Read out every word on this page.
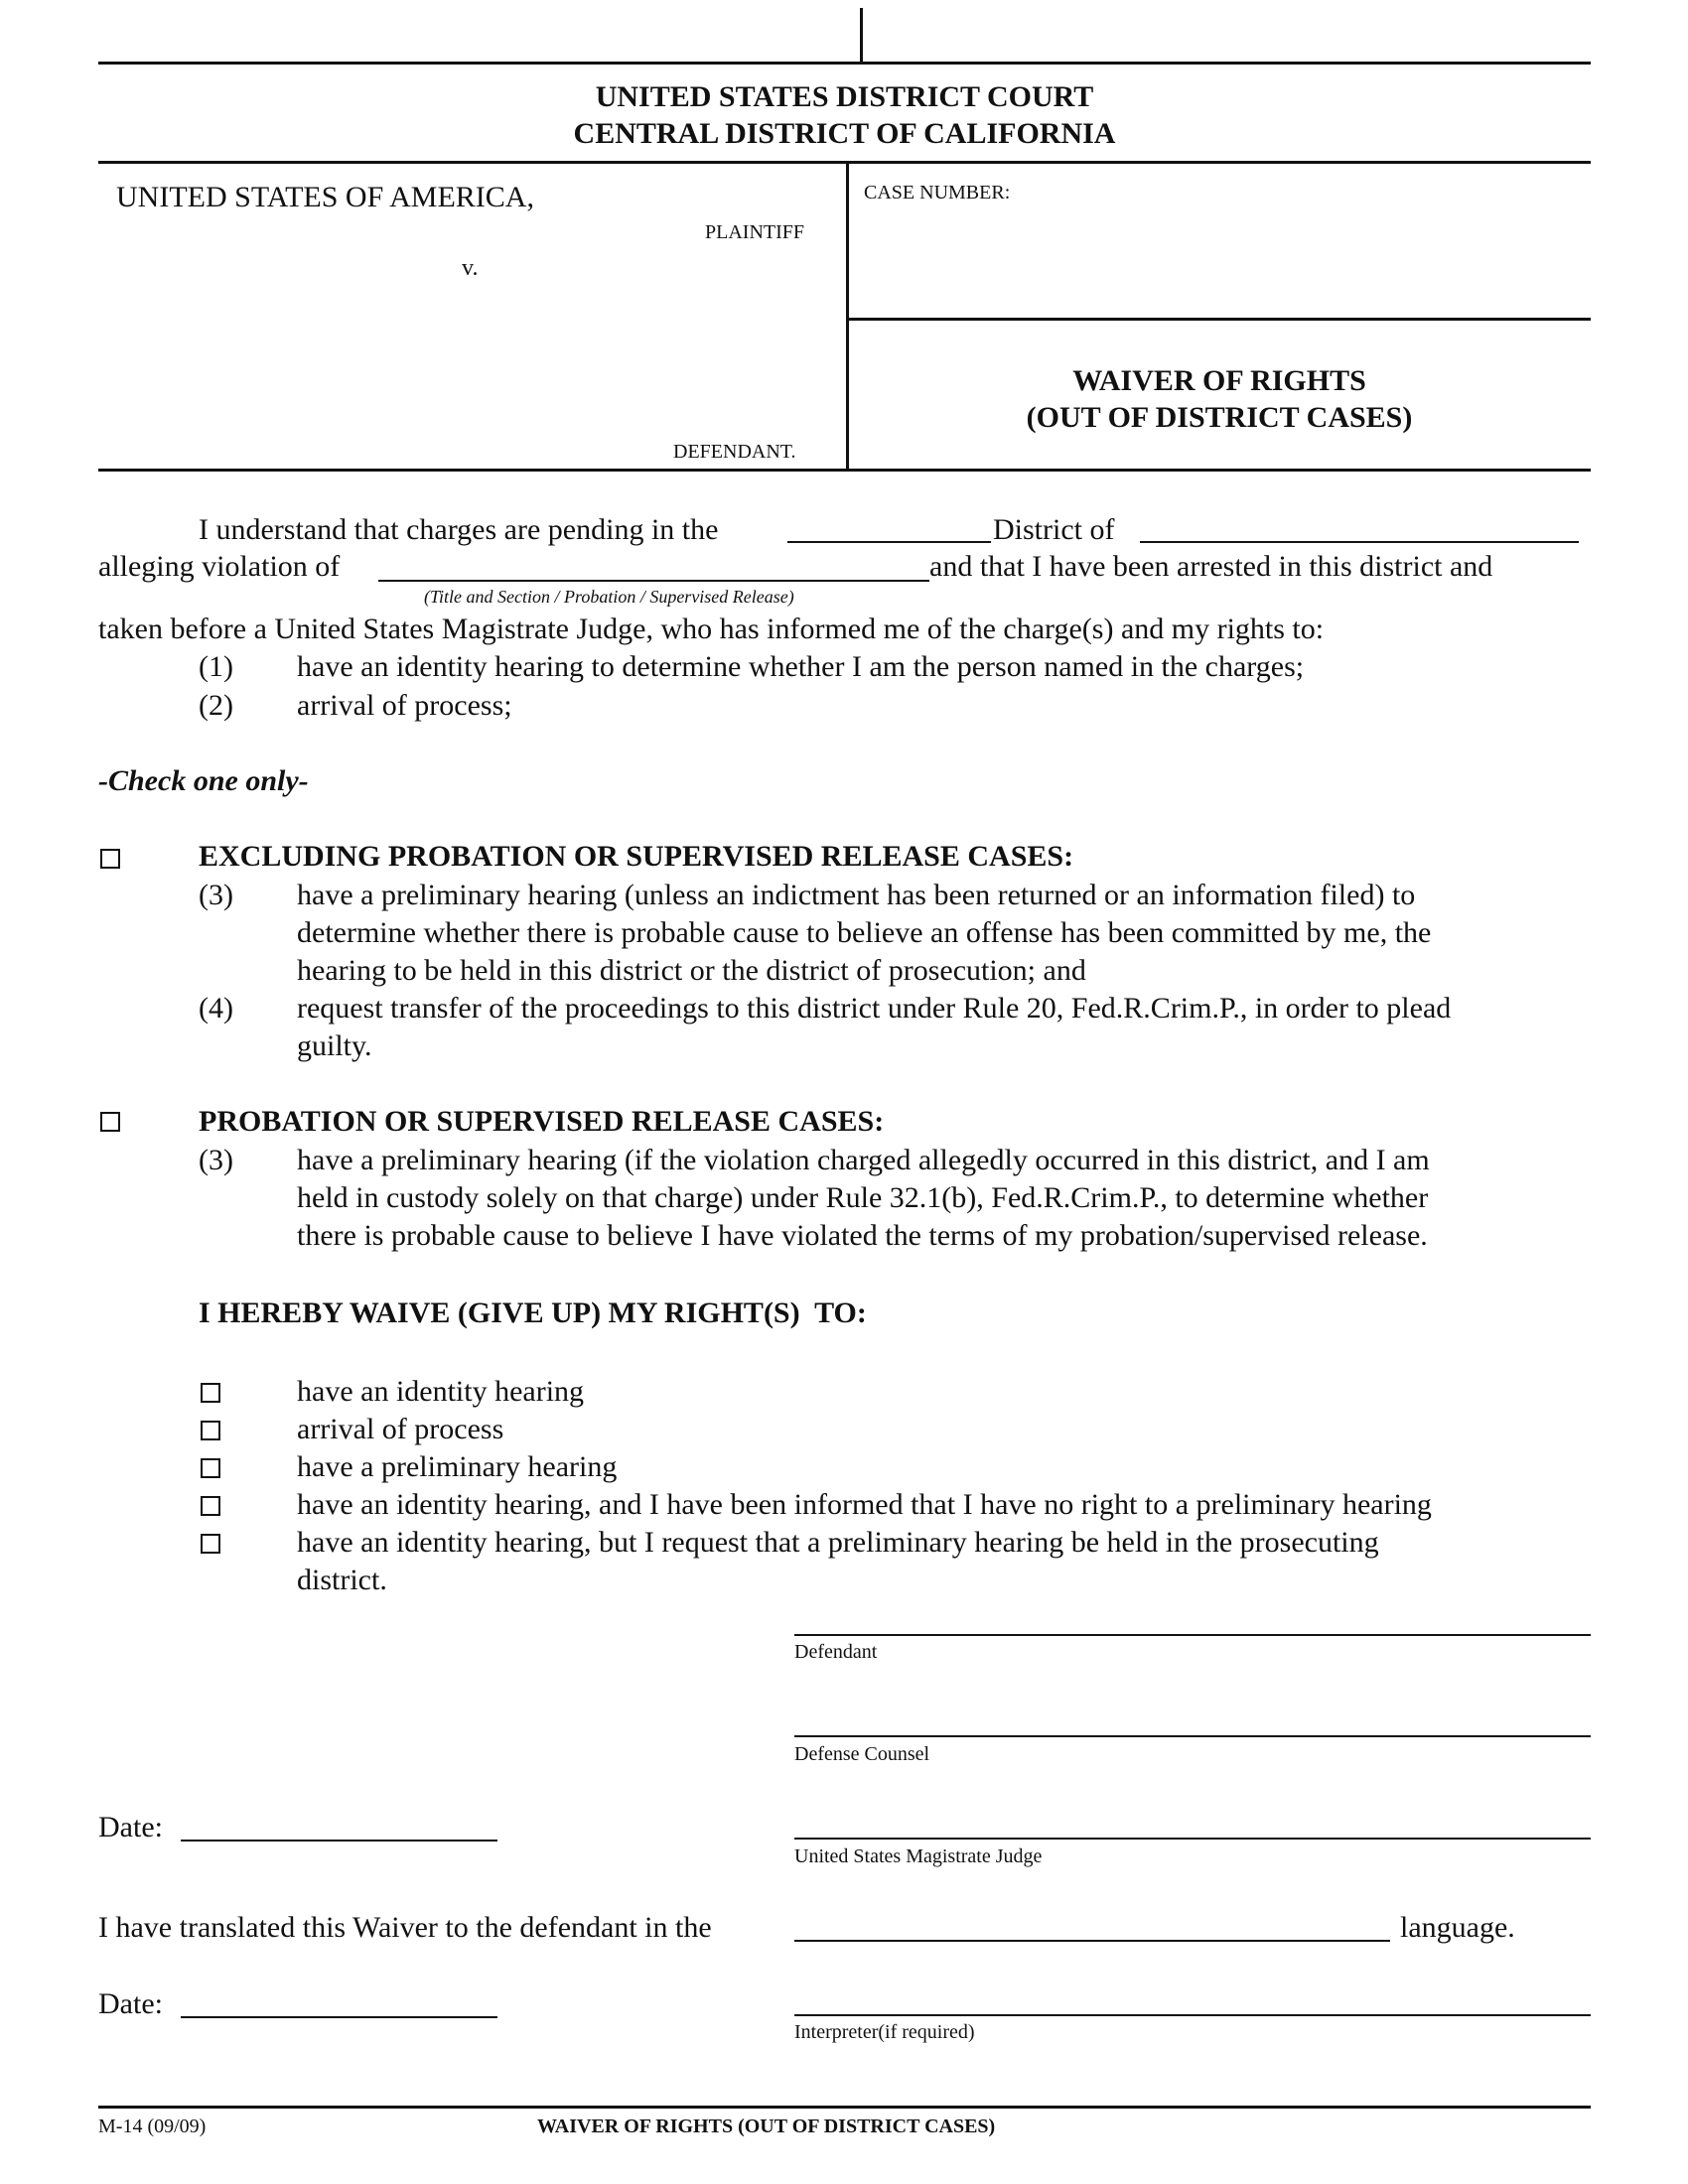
UNITED STATES DISTRICT COURT
CENTRAL DISTRICT OF CALIFORNIA
UNITED STATES OF AMERICA,
PLAINTIFF
v.
DEFENDANT.
CASE NUMBER:
WAIVER OF RIGHTS
(OUT OF DISTRICT CASES)
I understand that charges are pending in the	District of
alleging violation of	and that I have been arrested in this district and
(Title and Section / Probation / Supervised Release)
taken before a United States Magistrate Judge, who has informed me of the charge(s) and my rights to:
(1) have an identity hearing to determine whether I am the person named in the charges;
(2) arrival of process;
-Check one only-
EXCLUDING PROBATION OR SUPERVISED RELEASE CASES:
(3) have a preliminary hearing (unless an indictment has been returned or an information filed) to
determine whether there is probable cause to believe an offense has been committed by me, the
hearing to be held in this district or the district of prosecution; and
(4) request transfer of the proceedings to this district under Rule 20, Fed.R.Crim.P., in order to plead
guilty.
PROBATION OR SUPERVISED RELEASE CASES:
(3) have a preliminary hearing (if the violation charged allegedly occurred in this district, and I am
held in custody solely on that charge) under Rule 32.1(b), Fed.R.Crim.P., to determine whether
there is probable cause to believe I have violated the terms of my probation/supervised release.
I HEREBY WAIVE (GIVE UP) MY RIGHT(S)  TO:
have an identity hearing
arrival of process
have a preliminary hearing
have an identity hearing, and I have been informed that I have no right to a preliminary hearing
have an identity hearing, but I request that a preliminary hearing be held in the prosecuting
district.
Defendant
Defense Counsel
Date:
United States Magistrate Judge
I have translated this Waiver to the defendant in the	language.
Date:
Interpreter(if required)
M-14 (09/09)	WAIVER OF RIGHTS (OUT OF DISTRICT CASES)
